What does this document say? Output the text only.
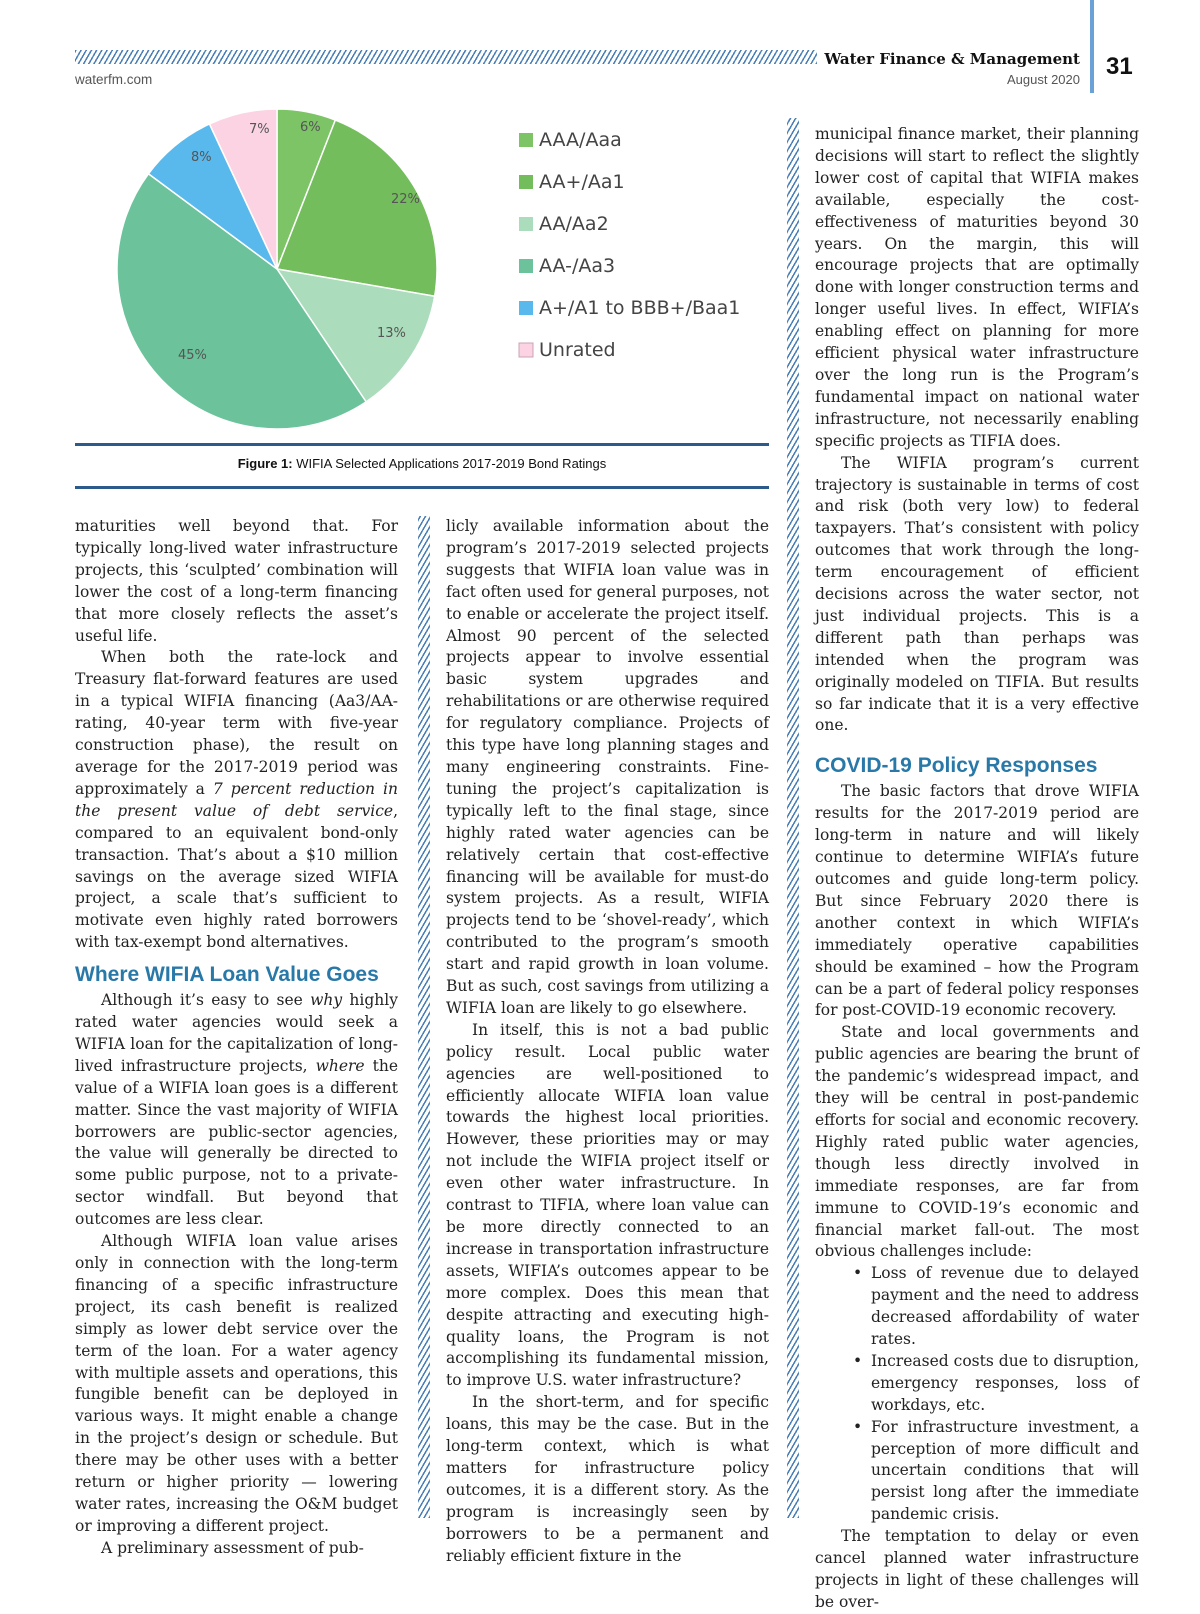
waterfm.com
Water Finance & Management
August 2020 31
6%
22%
13%
45%
8%
7%	AAA/Aaa
AA+/Aa1
AA/Aa2
AA-/Aa3
A+/A1 to BBB+/Baa1
Unrated
Figure 1: WIFIA Selected Applications 2017-2019 Bond Ratings

maturities well beyond that. For typically long-lived water infrastructure projects, this ‘sculpted’ combination will lower the cost of a long-term financing that more closely reflects the asset’s useful life.

When both the rate-lock and Treasury flat-forward features are used in a typical WIFIA financing (Aa3/AA- rating, 40-year term with five-year construction phase), the result on average for the 2017-2019 period was approximately a 7 percent reduction in the present value of debt service, compared to an equivalent bond-only transaction. That’s about a $10 million savings on the average sized WIFIA project, a scale that’s sufficient to motivate even highly rated borrowers with tax-exempt bond alternatives.

Where WIFIA Loan Value Goes

Although it’s easy to see why highly rated water agencies would seek a WIFIA loan for the capitalization of long-lived infrastructure projects, where the value of a WIFIA loan goes is a different matter. Since the vast majority of WIFIA borrowers are public-sector agencies, the value will generally be directed to some public purpose, not to a private-sector windfall. But beyond that outcomes are less clear.

Although WIFIA loan value arises only in connection with the long-term financing of a specific infrastructure project, its cash benefit is realized simply as lower debt service over the term of the loan. For a water agency with multiple assets and operations, this fungible benefit can be deployed in various ways. It might enable a change in the project’s design or schedule. But there may be other uses with a better return or higher priority — lowering water rates, increasing the O&M budget or improving a different project.

A preliminary assessment of pub-

licly available information about the program’s 2017-2019 selected projects suggests that WIFIA loan value was in fact often used for general purposes, not to enable or accelerate the project itself. Almost 90 percent of the selected projects appear to involve essential basic system upgrades and rehabilitations or are otherwise required for regulatory compliance. Projects of this type have long planning stages and many engineering constraints. Fine-tuning the project’s capitalization is typically left to the final stage, since highly rated water agencies can be relatively certain that cost-effective financing will be available for must-do system projects. As a result, WIFIA projects tend to be ‘shovel-ready’, which contributed to the program’s smooth start and rapid growth in loan volume. But as such, cost savings from utilizing a WIFIA loan are likely to go elsewhere.

In itself, this is not a bad public policy result. Local public water agencies are well-positioned to efficiently allocate WIFIA loan value towards the highest local priorities. However, these priorities may or may not include the WIFIA project itself or even other water infrastructure. In contrast to TIFIA, where loan value can be more directly connected to an increase in transportation infrastructure assets, WIFIA’s outcomes appear to be more complex. Does this mean that despite attracting and executing high-quality loans, the Program is not accomplishing its fundamental mission, to improve U.S. water infrastructure?

In the short-term, and for specific loans, this may be the case. But in the long-term context, which is what matters for infrastructure policy outcomes, it is a different story. As the program is increasingly seen by borrowers to be a permanent and reliably efficient fixture in the

municipal finance market, their planning decisions will start to reflect the slightly lower cost of capital that WIFIA makes available, especially the cost-effectiveness of maturities beyond 30 years. On the margin, this will encourage projects that are optimally done with longer construction terms and longer useful lives. In effect, WIFIA’s enabling effect on planning for more efficient physical water infrastructure over the long run is the Program’s fundamental impact on national water infrastructure, not necessarily enabling specific projects as TIFIA does.

The WIFIA program’s current trajectory is sustainable in terms of cost and risk (both very low) to federal taxpayers. That’s consistent with policy outcomes that work through the long-term encouragement of efficient decisions across the water sector, not just individual projects. This is a different path than perhaps was intended when the program was originally modeled on TIFIA. But results so far indicate that it is a very effective one.

COVID-19 Policy Responses

The basic factors that drove WIFIA results for the 2017-2019 period are long-term in nature and will likely continue to determine WIFIA’s future outcomes and guide long-term policy. But since February 2020 there is another context in which WIFIA’s immediately operative capabilities should be examined – how the Program can be a part of federal policy responses for post-COVID-19 economic recovery.

State and local governments and public agencies are bearing the brunt of the pandemic’s widespread impact, and they will be central in post-pandemic efforts for social and economic recovery. Highly rated public water agencies, though less directly involved in immediate responses, are far from immune to COVID-19’s economic and financial market fall-out. The most obvious challenges include:

• Loss of revenue due to delayed payment and the need to address decreased affordability of water rates.
• Increased costs due to disruption, emergency responses, loss of workdays, etc.
• For infrastructure investment, a perception of more difficult and uncertain conditions that will persist long after the immediate pandemic crisis.

The temptation to delay or even cancel planned water infrastructure projects in light of these challenges will be over-
